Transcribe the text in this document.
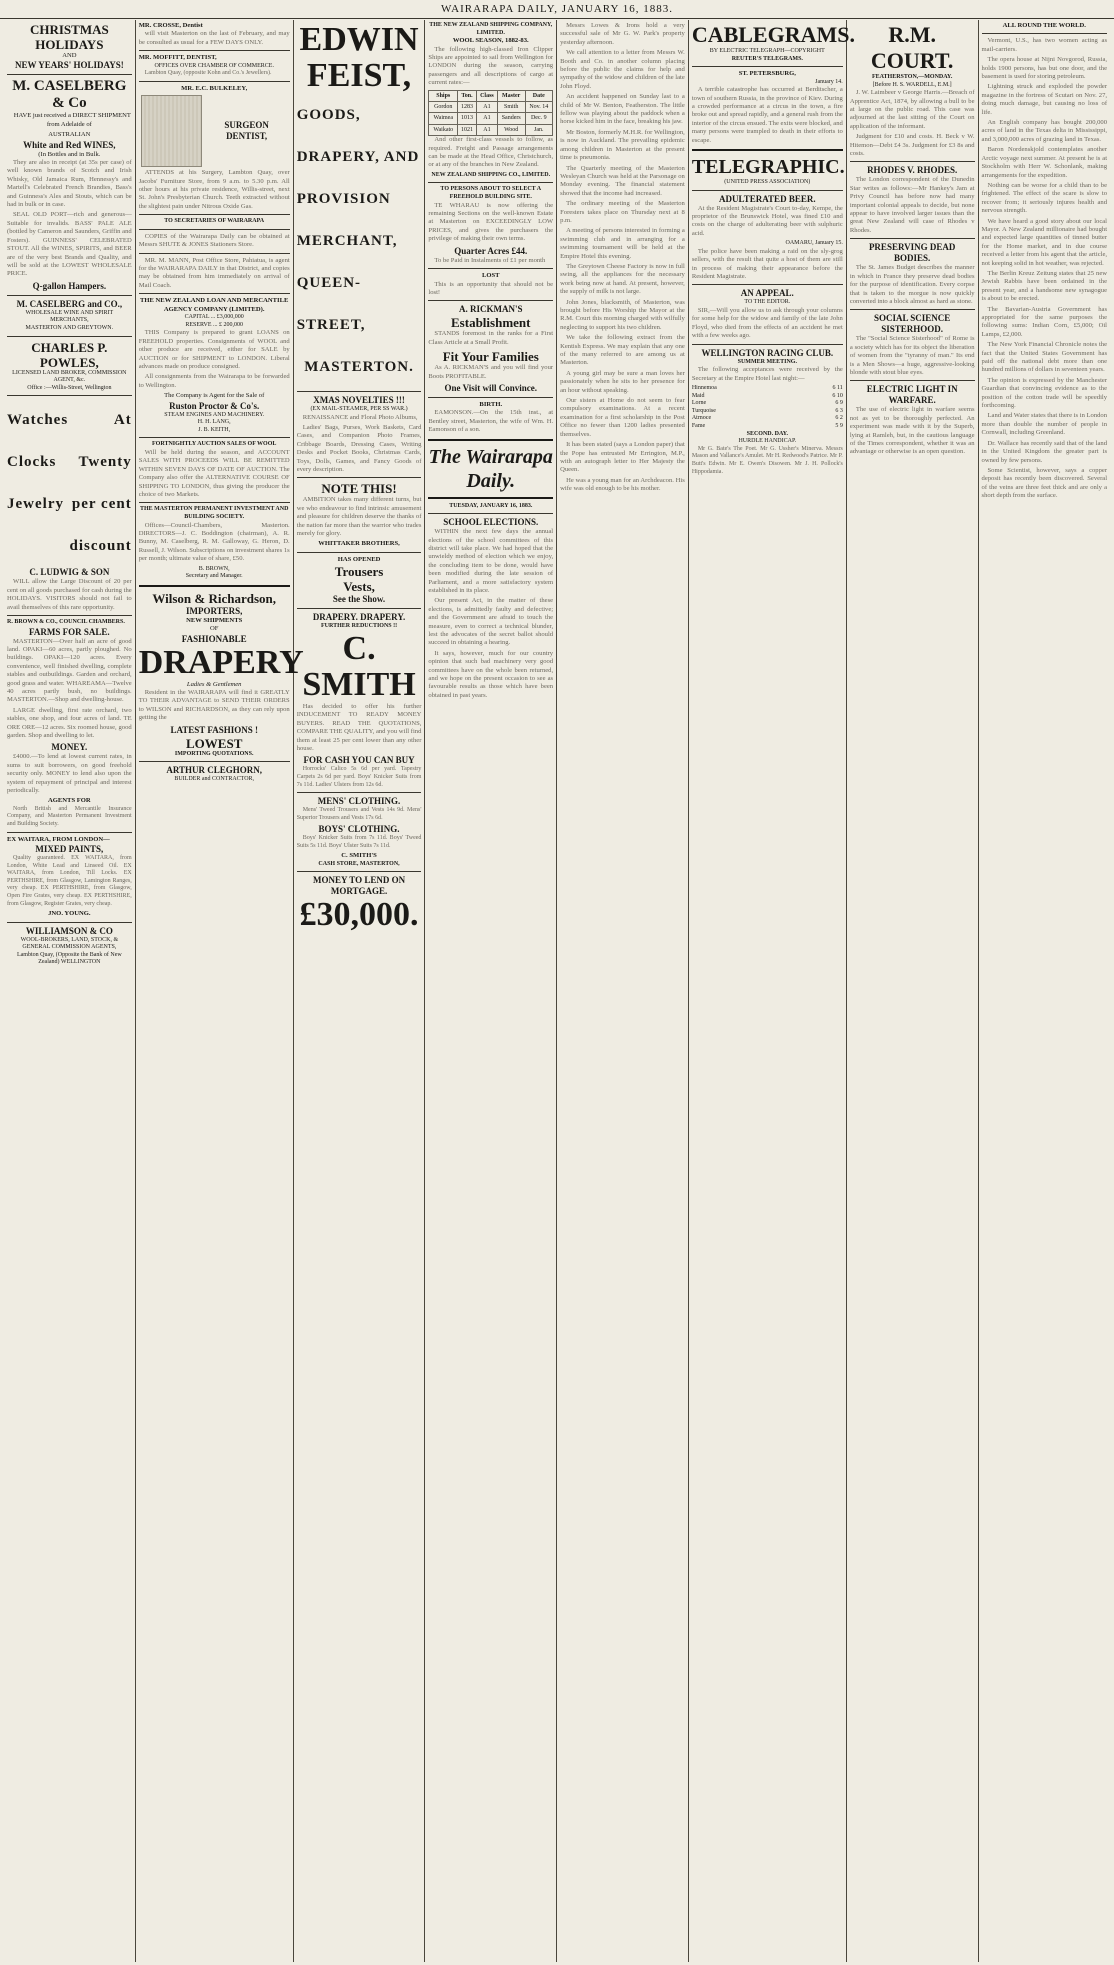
WAIRARAPA DAILY, JANUARY 16, 1883.
CHRISTMAS HOLIDAYS
AND
NEW YEARS' HOLIDAYS!
M. CASELBERG & Co

HAVE just received a DIRECT SHIPMENT from Adelaide of

AUSTRALIAN
White and Red WINES,
(In Bottles and in Bulk.

They are also in receipt (at 35s per case) of well known brands of Scotch and Irish Whisky, Old Jamaica Rum, Hennessy's and Martell's Celebrated French Brandies, Bass's and Guinness's Ales and Stouts, which can be had in bulk or in case.

SEAL OLD PORT—rich and generous—Suitable for invalids. BASS' PALE ALE (bottled by Cameron and Saunders, Griffin and Fosters). GUINNESS' CELEBRATED STOUT. All the WINES, SPIRITS, and BEER are of the very best Brands and Quality, and will be sold at the LOWEST WHOLESALE PRICE.

Q-gallon Hampers.
M. CASELBERG and CO.,
WHOLESALE WINE AND SPIRIT MERCHANTS,
MASTERTON AND GREYTOWN.
CHARLES P. POWLES,
LICENSED LAND BROKER, COMMISSION AGENT, &c.
Office :—Willis-Street, Wellington
Watches
Clocks
Jewelry
At
Twenty
per cent
discount
C. LUDWIG & SON

WILL allow the Large Discount of 20 per cent on all goods purchased for cash during the HOLIDAYS. VISITORS should not fail to avail themselves of this rare opportunity.

R. BROWN & CO., COUNCIL CHAMBERS.
FARMS FOR SALE.

MASTERTON—Over half an acre of good land. OPAKI—60 acres, partly ploughed. No buildings. OPAKI—120 acres. Every convenience, well finished dwelling, complete stables and outbuildings. Garden and orchard, good grass and water. WHAREAMA—Twelve 40 acres partly bush, no buildings. MASTERTON.—Shop and dwelling-house.

LARGE dwelling, first rate orchard, two stables, one shop, and four acres of land. TE ORE ORE—12 acres. Six roomed house, good garden. Shop and dwelling to let.

MONEY.

£4000.—To lend at lowest current rates, in sums to suit borrowers, on good freehold security only. MONEY to lend also upon the system of repayment of principal and interest periodically.

AGENTS FOR

North British and Mercantile Insurance Company, and Masterton Permanent Investment and Building Society.

EX WAITARA, FROM LONDON—
MIXED PAINTS,

Quality guaranteed. EX WAITARA, from London, White Lead and Linseed Oil. EX WAITARA, from London, Till Locks. EX PERTHSHIRE, from Glasgow, Lamington Ranges, very cheap. EX PERTHSHIRE, from Glasgow, Open Fire Grates, very cheap. EX PERTHSHIRE, from Glasgow, Register Grates, very cheap.

JNO. YOUNG.
WILLIAMSON & CO
WOOL-BROKERS, LAND, STOCK, & GENERAL COMMISSION AGENTS,
Lambton Quay, (Opposite the Bank of New Zealand) WELLINGTON
MR. CROSSE, Dentist

will visit Masterton on the last of February, and may be consulted as usual for a FEW DAYS ONLY.

MR. MOFFITT, DENTIST,
OFFICES OVER CHAMBER OF COMMERCE.

Lambton Quay, (opposite Kohn and Co.'s Jewellers).

MR. E.C. BULKELEY,
SURGEON DENTIST,

ATTENDS at his Surgery, Lambton Quay, over Jacobs' Furniture Store, from 9 a.m. to 5.30 p.m. All other hours at his private residence, Willis-street, next St. John's Presbyterian Church. Teeth extracted without the slightest pain under Nitrous Oxide Gas.

TO SECRETARIES OF WAIRARAPA

COPIES of the Wairarapa Daily can be obtained at Messrs SHUTE & JONES Stationers Store.

MR. M. MANN, Post Office Store, Pahiatua, is agent for the WAIRARAPA DAILY in that District, and copies may be obtained from him immediately on arrival of Mail Coach.

THE NEW ZEALAND LOAN AND MERCANTILE AGENCY COMPANY (LIMITED).
CAPITAL ... £3,000,000
RESERVE ... £ 200,000

THIS Company is prepared to grant LOANS on FREEHOLD properties. Consignments of WOOL and other produce are received, either for SALE by AUCTION or for SHIPMENT to LONDON. Liberal advances made on produce consigned.

All consignments from the Wairarapa to be forwarded to Wellington.

The Company is Agent for the Sale of
Ruston Proctor & Co's.
STEAM ENGINES AND MACHINERY.
H. H. LANG,
J. B. KEITH,
FORTNIGHTLY AUCTION SALES OF WOOL

Will be held during the season, and ACCOUNT SALES WITH PROCEEDS WILL BE REMITTED WITHIN SEVEN DAYS OF DATE OF AUCTION. The Company also offer the ALTERNATIVE COURSE OF SHIPPING TO LONDON, thus giving the producer the choice of two Markets.

THE MASTERTON PERMANENT INVESTMENT AND BUILDING SOCIETY.

Offices—Council-Chambers, Masterton. DIRECTORS—J. C. Boddington (chairman), A. R. Bunny, M. Caselberg, R. M. Galloway, G. Heron, D. Russell, J. Wilson. Subscriptions on investment shares 1s per month; ultimate value of share, £50.

B. BROWN,
Secretary and Manager.
Wilson & Richardson,
IMPORTERS,
NEW SHIPMENTS
OF
FASHIONABLE
DRAPERY
Ladies & Gentlemen

Resident in the WAIRARAPA will find it GREATLY TO THEIR ADVANTAGE to SEND THEIR ORDERS to WILSON and RICHARDSON, as they can rely upon getting the

LATEST FASHIONS !
LOWEST
IMPORTING QUOTATIONS.
ARTHUR CLEGHORN,
BUILDER and CONTRACTOR,
EDWIN FEIST,
GOODS,
DRAPERY, AND
PROVISION MERCHANT,
QUEEN-STREET,
MASTERTON.
XMAS NOVELTIES !!!
(EX MAIL-STEAMER, PER SS WAR.)

RENAISSANCE and Floral Photo Albums,

Ladies' Bags, Purses, Work Baskets, Card Cases, and Companion Photo Frames, Cribbage Boards, Dressing Cases, Writing Desks and Pocket Books, Christmas Cards, Toys, Dolls, Games, and Fancy Goods of every description.

NOTE THIS!

AMBITION takes many different turns, but we who endeavour to find intrinsic amusement and pleasure for children deserve the thanks of the nation far more than the warrior who trades merely for glory.

WHITTAKER BROTHERS,
HAS OPENED
Trousers
Vests,
See the Show.
DRAPERY. DRAPERY.
FURTHER REDUCTIONS !!
C. SMITH

Has decided to offer his further INDUCEMENT TO READY MONEY BUYERS. READ THE QUOTATIONS, COMPARE THE QUALITY, and you will find them at least 25 per cent lower than any other house.

FOR CASH YOU CAN BUY

Horrocks' Calico 5s 6d per yard. Tapestry Carpets 2s 6d per yard. Boys' Knicker Suits from 7s 11d. Ladies' Ulsters from 12s 6d.

MENS' CLOTHING.

Mens' Tweed Trousers and Vests 14s 9d. Mens' Superior Trousers and Vests 17s 6d.

BOYS' CLOTHING.

Boys' Knicker Suits from 7s 11d. Boys' Tweed Suits 5s 11d. Boys' Ulster Suits 7s 11d.

C. SMITH'S
CASH STORE, MASTERTON,
MONEY TO LEND ON MORTGAGE.
£30,000.
THE NEW ZEALAND SHIPPING COMPANY, LIMITED.
WOOL SEASON, 1882-83.

The following high-classed Iron Clipper Ships are appointed to sail from Wellington for LONDON during the season, carrying passengers and all descriptions of cargo at current rates:—

Ships	Ton.	Class	Master	Date
Gordon	1283	A1	Smith	Nov. 14
Waimea	1013	A1	Sanders	Dec. 9
Waikato	1021	A1	Wood	Jan.

And other first-class vessels to follow, as required. Freight and Passage arrangements can be made at the Head Office, Christchurch, or at any of the branches in New Zealand.

NEW ZEALAND SHIPPING CO., LIMITED.
TO PERSONS ABOUT TO SELECT A FREEHOLD BUILDING SITE.

TE WHARAU is now offering the remaining Sections on the well-known Estate at Masterton on EXCEEDINGLY LOW PRICES, and gives the purchasers the privilege of making their own terms.

Quarter Acres £44.

To be Paid in Instalments of £1 per month

LOST

This is an opportunity that should not be lost!

A. RICKMAN'S
Establishment

STANDS foremost in the ranks for a First Class Article at a Small Profit.

Fit Your Families

As A. RICKMAN'S and you will find your Boots PROFITABLE.

One Visit will Convince.
BIRTH.

EAMONSON.—On the 15th inst., at Bentley street, Masterton, the wife of Wm. H. Eamonson of a son.

The Wairarapa Daily.
TUESDAY, JANUARY 16, 1883.
SCHOOL ELECTIONS.

WITHIN the next few days the annual elections of the school committees of this district will take place. We had hoped that the unwieldy method of election which we enjoy, the concluding item to be done, would have been modified during the late session of Parliament, and a more satisfactory system established in its place.

Our present Act, in the matter of these elections, is admittedly faulty and defective; and the Government are afraid to touch the measure, even to correct a technical blunder, lest the advocates of the secret ballot should succeed in obtaining a hearing.

It says, however, much for our country opinion that such bad machinery very good committees have on the whole been returned, and we hope on the present occasion to see as favourable results as those which have been obtained in past years.

Messrs Lowes & Irons hold a very successful sale of Mr G. W. Park's property yesterday afternoon.

We call attention to a letter from Messrs W. Booth and Co. in another column placing before the public the claims for help and sympathy of the widow and children of the late John Floyd.

An accident happened on Sunday last to a child of Mr W. Benton, Featherston. The little fellow was playing about the paddock when a horse kicked him in the face, breaking his jaw.

Mr Boston, formerly M.H.R. for Wellington, is now in Auckland. The prevailing epidemic among children in Masterton at the present time is pneumonia.

The Quarterly meeting of the Masterton Wesleyan Church was held at the Parsonage on Monday evening. The financial statement showed that the income had increased.

The ordinary meeting of the Masterton Foresters takes place on Thursday next at 8 p.m.

A meeting of persons interested in forming a swimming club and in arranging for a swimming tournament will be held at the Empire Hotel this evening.

The Greytown Cheese Factory is now in full swing, all the appliances for the necessary work being now at hand. At present, however, the supply of milk is not large.

John Jones, blacksmith, of Masterton, was brought before His Worship the Mayor at the R.M. Court this morning charged with wilfully neglecting to support his two children.

We take the following extract from the Kentish Express. We may explain that any one of the many referred to are among us at Masterton.

A young girl may be sure a man loves her passionately when he sits to her presence for an hour without speaking.

Our sisters at Home do not seem to fear compulsory examinations. At a recent examination for a first scholarship in the Post Office no fewer than 1200 ladies presented themselves.

It has been stated (says a London paper) that the Pope has entrusted Mr Errington, M.P., with an autograph letter to Her Majesty the Queen.

He was a young man for an Archdeacon. His wife was old enough to be his mother.

CABLEGRAMS.
BY ELECTRIC TELEGRAPH—COPYRIGHT
REUTER'S TELEGRAMS.
ST. PETERSBURG,
January 14.

A terrible catastrophe has occurred at Berditscher, a town of southern Russia, in the province of Kiev. During a crowded performance at a circus in the town, a fire broke out and spread rapidly, and a general rush from the interior of the circus ensued. The exits were blocked, and many persons were trampled to death in their efforts to escape.

TELEGRAPHIC.
(UNITED PRESS ASSOCIATION)
ADULTERATED BEER.

At the Resident Magistrate's Court to-day, Kempe, the proprietor of the Brunswick Hotel, was fined £10 and costs on the charge of adulterating beer with sulphuric acid.

OAMARU, January 15.

The police have been making a raid on the sly-grog sellers, with the result that quite a host of them are still in process of making their appearance before the Resident Magistrate.

AN APPEAL.
TO THE EDITOR.

SIR,—Will you allow us to ask through your columns for some help for the widow and family of the late John Floyd, who died from the effects of an accident he met with a few weeks ago.

WELLINGTON RACING CLUB.
SUMMER MEETING.

The following acceptances were received by the Secretary at the Empire Hotel last night:—

Hinnemoa	6 11
Maid	6 10
Lorne	6 9
Turquoise	6 3
Atrnoce	6 2
Fame	5 9
SECOND. DAY.
HURDLE HANDICAP.

Mr G. Bate's The Poet. Mr G. Ussher's Minerva. Messrs Mason and Vallance's Amulet. Mr H. Redwood's Patrice. Mr P. Butt's Edwin. Mr E. Owen's Disowen. Mr J. H. Pollock's Hippodamia.

R.M. COURT.
FEATHERSTON,—MONDAY.
[Before H. S. WARDELL, E.M.]

J. W. Laimbeer v George Harris.—Breach of Apprentice Act, 1874, by allowing a bull to be at large on the public road. This case was adjourned at the last sitting of the Court on application of the informant.

Judgment for £10 and costs. H. Beck v W. Hitemon—Debt £4 3s. Judgment for £3 8s and costs.

RHODES V. RHODES.

The London correspondent of the Dunedin Star writes as follows:—Mr Hankey's Jam at Privy Council has before now had many important colonial appeals to decide, but none appear to have involved larger issues than the great New Zealand will case of Rhodes v Rhodes.

PRESERVING DEAD BODIES.

The St. James Budget describes the manner in which in France they preserve dead bodies for the purpose of identification. Every corpse that is taken to the morgue is now quickly converted into a block almost as hard as stone.

SOCIAL SCIENCE SISTERHOOD.

The "Social Science Sisterhood" of Rome is a society which has for its object the liberation of women from the "tyranny of man." Its end is a Men Shows—a huge, aggressive-looking blonde with stout blue eyes.

ELECTRIC LIGHT IN WARFARE.

The use of electric light in warfare seems not as yet to be thoroughly perfected. An experiment was made with it by the Superb, lying at Ramleh, but, in the cautious language of the Times correspondent, whether it was an advantage or otherwise is an open question.

ALL ROUND THE WORLD.

Vermont, U.S., has two women acting as mail-carriers.

The opera house at Nijni Novgorod, Russia, holds 1900 persons, has but one door, and the basement is used for storing petroleum.

Lightning struck and exploded the powder magazine in the fortress of Scutari on Nov. 27, doing much damage, but causing no loss of life.

An English company has bought 200,000 acres of land in the Texas delta in Mississippi, and 3,000,000 acres of grazing land in Texas.

Baron Nordenskjold contemplates another Arctic voyage next summer. At present he is at Stockholm with Herr W. Schonlank, making arrangements for the expedition.

Nothing can be worse for a child than to be frightened. The effect of the scare is slow to recover from; it seriously injures health and nervous strength.

We have heard a good story about our local Mayor. A New Zealand millionaire had bought and expected large quantities of tinned butter for the Home market, and in due course received a letter from his agent that the article, not keeping solid in hot weather, was rejected.

The Berlin Kreuz Zeitung states that 25 new Jewish Rabbis have been ordained in the present year, and a handsome new synagogue is about to be erected.

The Bavarian-Austria Government has appropriated for the same purposes the following sums: Indian Corn, £5,000; Oil Lamps, £2,000.

The New York Financial Chronicle notes the fact that the United States Government has paid off the national debt more than one hundred millions of dollars in seventeen years.

The opinion is expressed by the Manchester Guardian that convincing evidence as to the position of the cotton trade will be speedily forthcoming.

Land and Water states that there is in London more than double the number of people in Cornwall, including Greenland.

Dr. Wallace has recently said that of the land in the United Kingdom the greater part is owned by few persons.

Some Scientist, however, says a copper deposit has recently been discovered. Several of the veins are three feet thick and are only a short depth from the surface.
